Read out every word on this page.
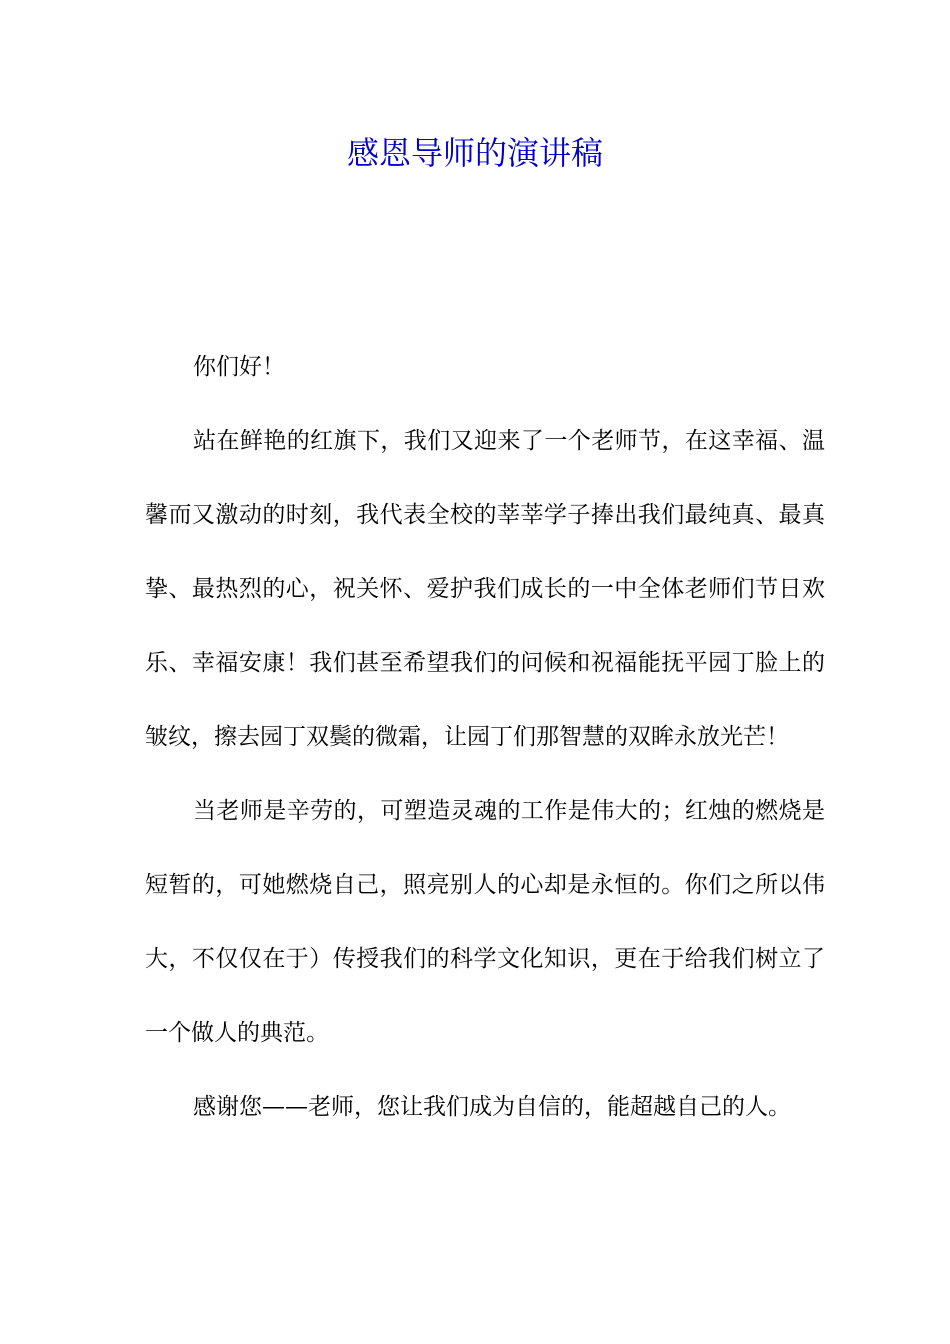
感恩导师的演讲稿

你们好！

站在鲜艳的红旗下，我们又迎来了一个老师节，在这幸福、温馨而又激动的时刻，我代表全校的莘莘学子捧出我们最纯真、最真挚、最热烈的心，祝关怀、爱护我们成长的一中全体老师们节日欢乐、幸福安康！我们甚至希望我们的问候和祝福能抚平园丁脸上的皱纹，擦去园丁双鬓的微霜，让园丁们那智慧的双眸永放光芒！

当老师是辛劳的，可塑造灵魂的工作是伟大的；红烛的燃烧是短暂的，可她燃烧自己，照亮别人的心却是永恒的。你们之所以伟大，不仅仅在于）传授我们的科学文化知识，更在于给我们树立了一个做人的典范。

感谢您——老师，您让我们成为自信的，能超越自己的人。
